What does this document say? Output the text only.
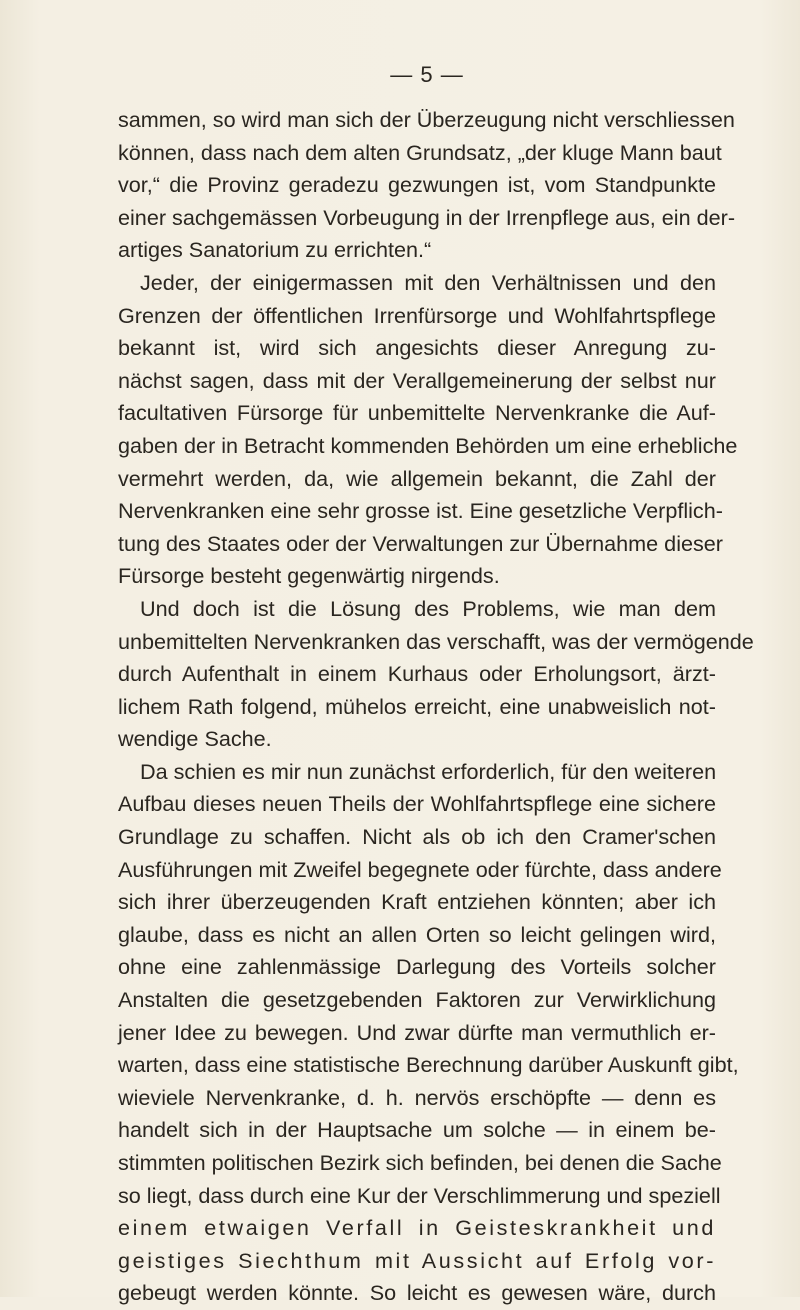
— 5 —
sammen, so wird man sich der Überzeugung nicht verschliessen
können, dass nach dem alten Grundsatz, „der kluge Mann baut
vor,“ die Provinz geradezu gezwungen ist, vom Standpunkte
einer sachgemässen Vorbeugung in der Irrenpflege aus, ein der-
artiges Sanatorium zu errichten.“
Jeder, der einigermassen mit den Verhältnissen und den
Grenzen der öffentlichen Irrenfürsorge und Wohlfahrtspflege
bekannt ist, wird sich angesichts dieser Anregung zu-
nächst sagen, dass mit der Verallgemeinerung der selbst nur
facultativen Fürsorge für unbemittelte Nervenkranke die Auf-
gaben der in Betracht kommenden Behörden um eine erhebliche
vermehrt werden, da, wie allgemein bekannt, die Zahl der
Nervenkranken eine sehr grosse ist. Eine gesetzliche Verpflich-
tung des Staates oder der Verwaltungen zur Übernahme dieser
Fürsorge besteht gegenwärtig nirgends.
Und doch ist die Lösung des Problems, wie man dem
unbemittelten Nervenkranken das verschafft, was der vermögende
durch Aufenthalt in einem Kurhaus oder Erholungsort, ärzt-
lichem Rath folgend, mühelos erreicht, eine unabweislich not-
wendige Sache.
Da schien es mir nun zunächst erforderlich, für den weiteren
Aufbau dieses neuen Theils der Wohlfahrtspflege eine sichere
Grundlage zu schaffen. Nicht als ob ich den Cramer'schen
Ausführungen mit Zweifel begegnete oder fürchte, dass andere
sich ihrer überzeugenden Kraft entziehen könnten; aber ich
glaube, dass es nicht an allen Orten so leicht gelingen wird,
ohne eine zahlenmässige Darlegung des Vorteils solcher
Anstalten die gesetzgebenden Faktoren zur Verwirklichung
jener Idee zu bewegen. Und zwar dürfte man vermuthlich er-
warten, dass eine statistische Berechnung darüber Auskunft gibt,
wieviele Nervenkranke, d. h. nervös erschöpfte — denn es
handelt sich in der Hauptsache um solche — in einem be-
stimmten politischen Bezirk sich befinden, bei denen die Sache
so liegt, dass durch eine Kur der Verschlimmerung und speziell
einem etwaigen Verfall in Geisteskrankheit und
geistiges Siechthum mit Aussicht auf Erfolg vor-
gebeugt werden könnte. So leicht es gewesen wäre, durch
